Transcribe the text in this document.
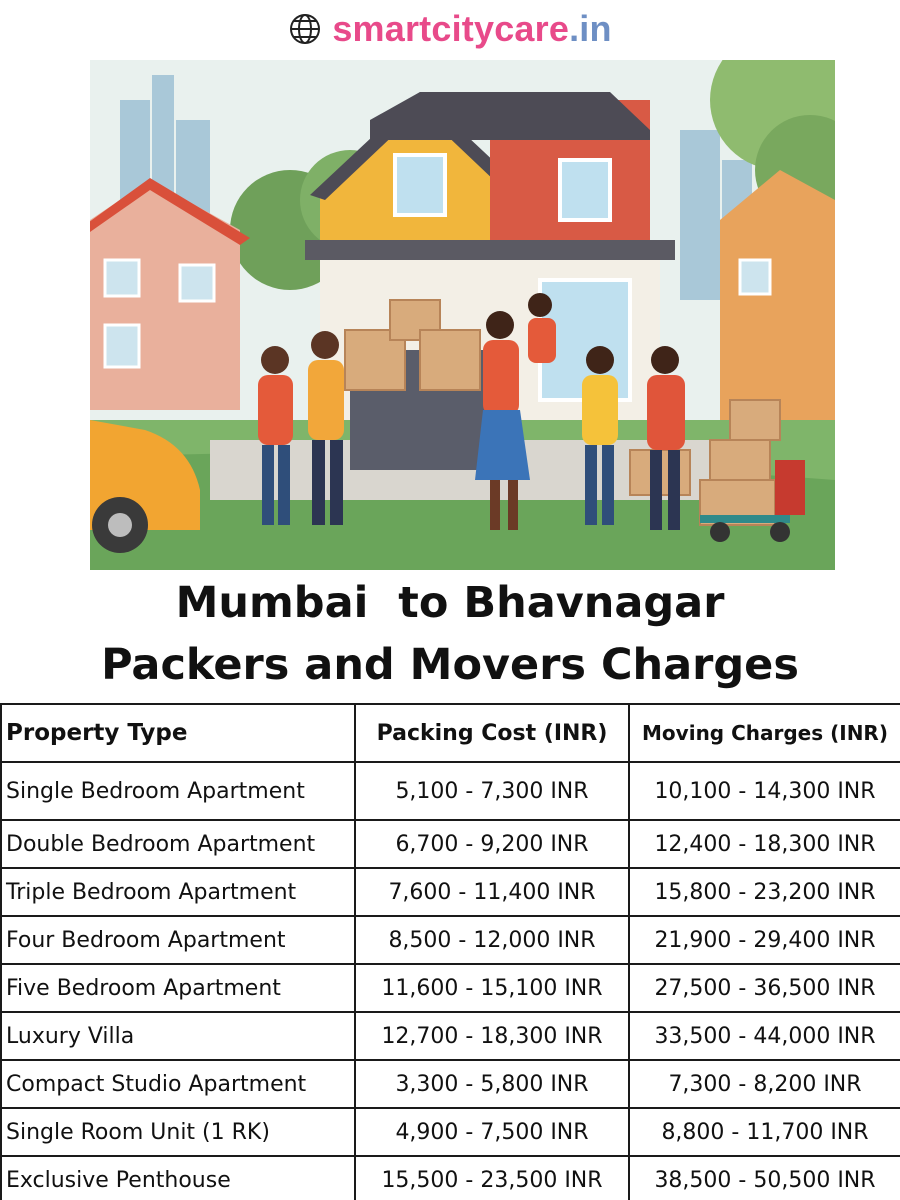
smartcitycare.in
Mumbai  to Bhavnagar
Packers and Movers Charges
Property Type	Packing Cost (INR)	Moving Charges (INR)
Single Bedroom Apartment	5,100 - 7,300 INR	10,100 - 14,300 INR
Double Bedroom Apartment	6,700 - 9,200 INR	12,400 - 18,300 INR
Triple Bedroom Apartment	7,600 - 11,400 INR	15,800 - 23,200 INR
Four Bedroom Apartment	8,500 - 12,000 INR	21,900 - 29,400 INR
Five Bedroom Apartment	11,600 - 15,100 INR	27,500 - 36,500 INR
Luxury Villa	12,700 - 18,300 INR	33,500 - 44,000 INR
Compact Studio Apartment	3,300 - 5,800 INR	7,300 - 8,200 INR
Single Room Unit (1 RK)	4,900 - 7,500 INR	8,800 - 11,700 INR
Exclusive Penthouse	15,500 - 23,500 INR	38,500 - 50,500 INR
